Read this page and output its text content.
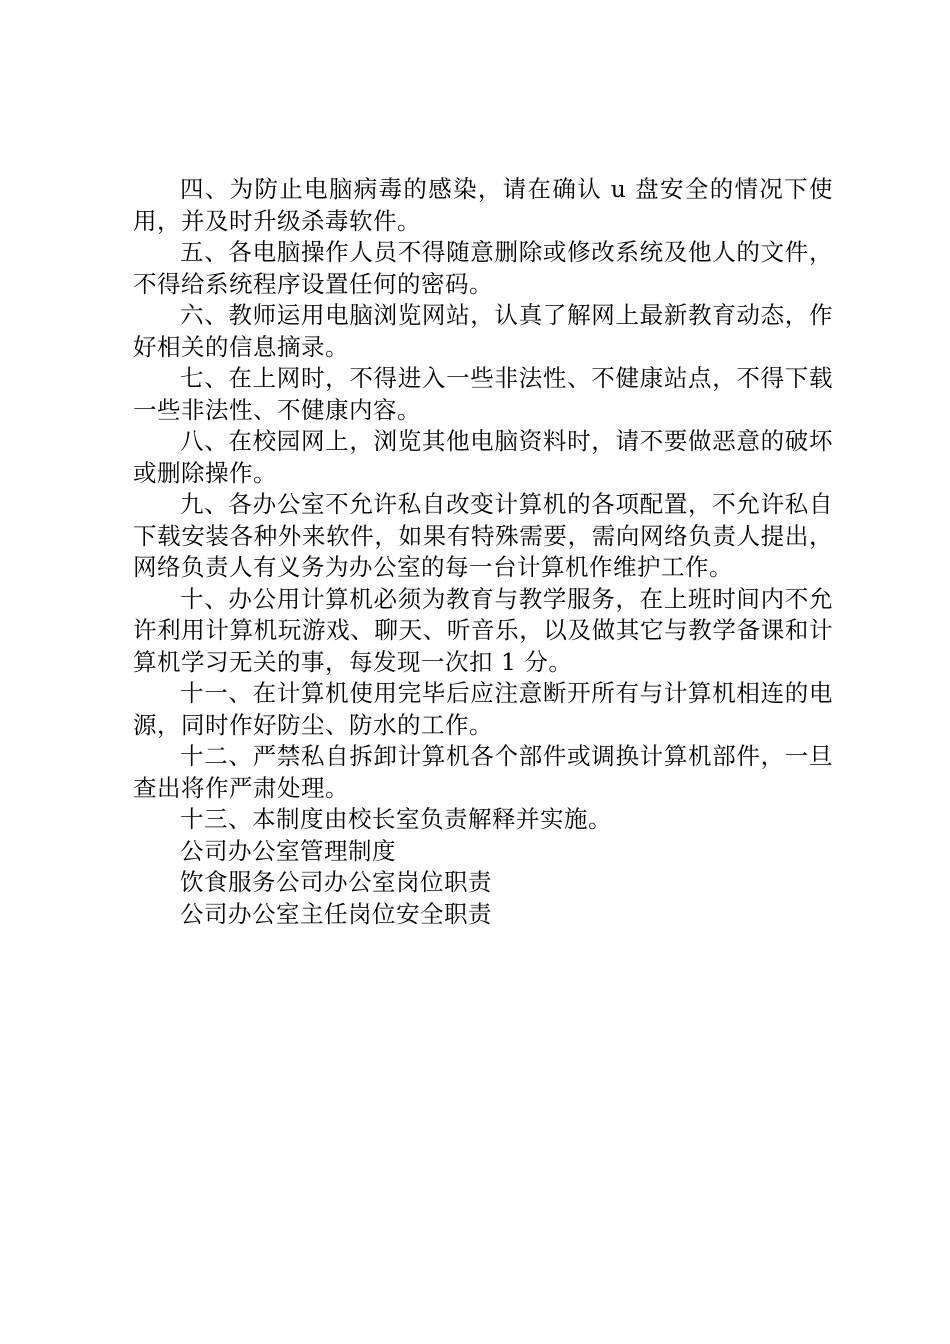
四、为防止电脑病毒的感染，请在确认 u 盘安全的情况下使用，并及时升级杀毒软件。

五、各电脑操作人员不得随意删除或修改系统及他人的文件，不得给系统程序设置任何的密码。

六、教师运用电脑浏览网站，认真了解网上最新教育动态，作好相关的信息摘录。

七、在上网时，不得进入一些非法性、不健康站点，不得下载一些非法性、不健康内容。

八、在校园网上，浏览其他电脑资料时，请不要做恶意的破坏或删除操作。

九、各办公室不允许私自改变计算机的各项配置，不允许私自下载安装各种外来软件，如果有特殊需要，需向网络负责人提出，网络负责人有义务为办公室的每一台计算机作维护工作。

十、办公用计算机必须为教育与教学服务，在上班时间内不允许利用计算机玩游戏、聊天、听音乐，以及做其它与教学备课和计算机学习无关的事，每发现一次扣 1 分。

十一、在计算机使用完毕后应注意断开所有与计算机相连的电源，同时作好防尘、防水的工作。

十二、严禁私自拆卸计算机各个部件或调换计算机部件，一旦查出将作严肃处理。

十三、本制度由校长室负责解释并实施。

公司办公室管理制度

饮食服务公司办公室岗位职责

公司办公室主任岗位安全职责
